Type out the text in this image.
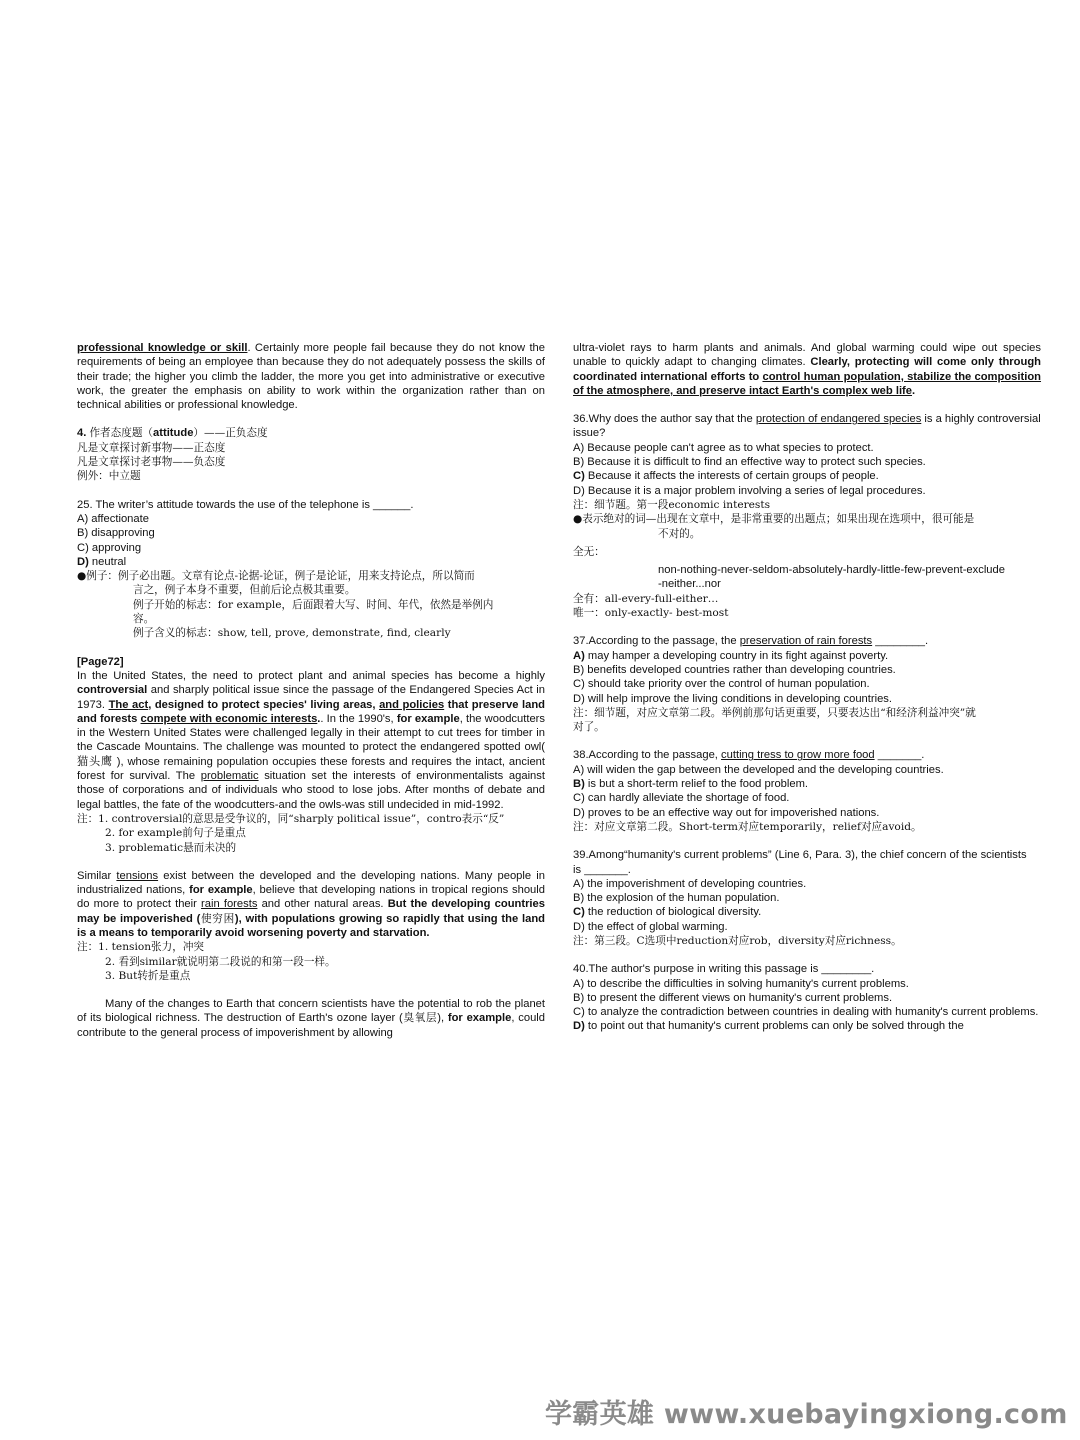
professional knowledge or skill. Certainly more people fail because they do not know the requirements of being an employee than because they do not adequately possess the skills of their trade; the higher you climb the ladder, the more you get into administrative or executive work, the greater the emphasis on ability to work within the organization rather than on technical abilities or professional knowledge.

4. 作者态度题（attitude）——正负态度

凡是文章探讨新事物——正态度

凡是文章探讨老事物——负态度

例外：中立题

25. The writer’s attitude towards the use of the telephone is ______.

A) affectionate

B) disapproving

C) approving

D) neutral

●例子：例子必出题。文章有论点-论据-论证，例子是论证，用来支持论点，所以简而

言之，例子本身不重要，但前后论点极其重要。

例子开始的标志：for example，后面跟着大写、时间、年代，依然是举例内

容。

例子含义的标志：show, tell, prove, demonstrate, find, clearly

[Page72]

In the United States, the need to protect plant and animal species has become a highly controversial and sharply political issue since the passage of the Endangered Species Act in 1973. The act, designed to protect species' living areas, and policies that preserve land and forests compete with economic interests.. In the 1990's, for example, the woodcutters in the Western United States were challenged legally in their attempt to cut trees for timber in the Cascade Mountains. The challenge was mounted to protect the endangered spotted owl( 猫头鹰 ), whose remaining population occupies these forests and requires the intact, ancient forest for survival. The problematic situation set the interests of environmentalists against those of corporations and of individuals who stood to lose jobs. After months of debate and legal battles, the fate of the woodcutters-and the owls-was still undecided in mid-1992.

注：1. controversial的意思是受争议的，同“sharply political issue”，contro表示“反”

2. for example前句子是重点

3. problematic悬而未决的

Similar tensions exist between the developed and the developing nations. Many people in industrialized nations, for example, believe that developing nations in tropical regions should do more to protect their rain forests and other natural areas. But the developing countries may be impoverished (使穷困), with populations growing so rapidly that using the land is a means to temporarily avoid worsening poverty and starvation.

注：1. tension张力，冲突

2. 看到similar就说明第二段说的和第一段一样。

3. But转折是重点

Many of the changes to Earth that concern scientists have the potential to rob the planet of its biological richness. The destruction of Earth's ozone layer (臭氧层), for example, could contribute to the general process of impoverishment by allowing

ultra-violet rays to harm plants and animals. And global warming could wipe out species unable to quickly adapt to changing climates. Clearly, protecting will come only through coordinated international efforts to control human population, stabilize the composition of the atmosphere, and preserve intact Earth's complex web life.

36.Why does the author say that the protection of endangered species is a highly controversial

issue?

A) Because people can't agree as to what species to protect.

B) Because it is difficult to find an effective way to protect such species.

C) Because it affects the interests of certain groups of people.

D) Because it is a major problem involving a series of legal procedures.

注：细节题。第一段economic interests

●表示绝对的词—出现在文章中，是非常重要的出题点；如果出现在选项中，很可能是

不对的。

全无：

non-nothing-never-seldom-absolutely-hardly-little-few-prevent-exclude

-neither...nor

全有：all-every-full-either…

唯一：only-exactly- best-most

37.According to the passage, the preservation of rain forests ________.

A) may hamper a developing country in its fight against poverty.

B) benefits developed countries rather than developing countries.

C) should take priority over the control of human population.

D) will help improve the living conditions in developing countries.

注：细节题，对应文章第二段。举例前那句话更重要，只要表达出“和经济利益冲突”就

对了。

38.According to the passage, cutting tress to grow more food _______.

A) will widen the gap between the developed and the developing countries.

B) is but a short-term relief to the food problem.

C) can hardly alleviate the shortage of food.

D) proves to be an effective way out for impoverished nations.

注：对应文章第二段。Short-term对应temporarily，relief对应avoid。

39.Among“humanity's current problems” (Line 6, Para. 3), the chief concern of the scientists

is _______.

A) the impoverishment of developing countries.

B) the explosion of the human population.

C) the reduction of biological diversity.

D) the effect of global warming.

注：第三段。C选项中reduction对应rob，diversity对应richness。

40.The author's purpose in writing this passage is ________.

A) to describe the difficulties in solving humanity's current problems.

B) to present the different views on humanity's current problems.

C) to analyze the contradiction between countries in dealing with humanity's current problems.

D) to point out that humanity's current problems can only be solved through the

学霸英雄 www.xuebayingxiong.com
